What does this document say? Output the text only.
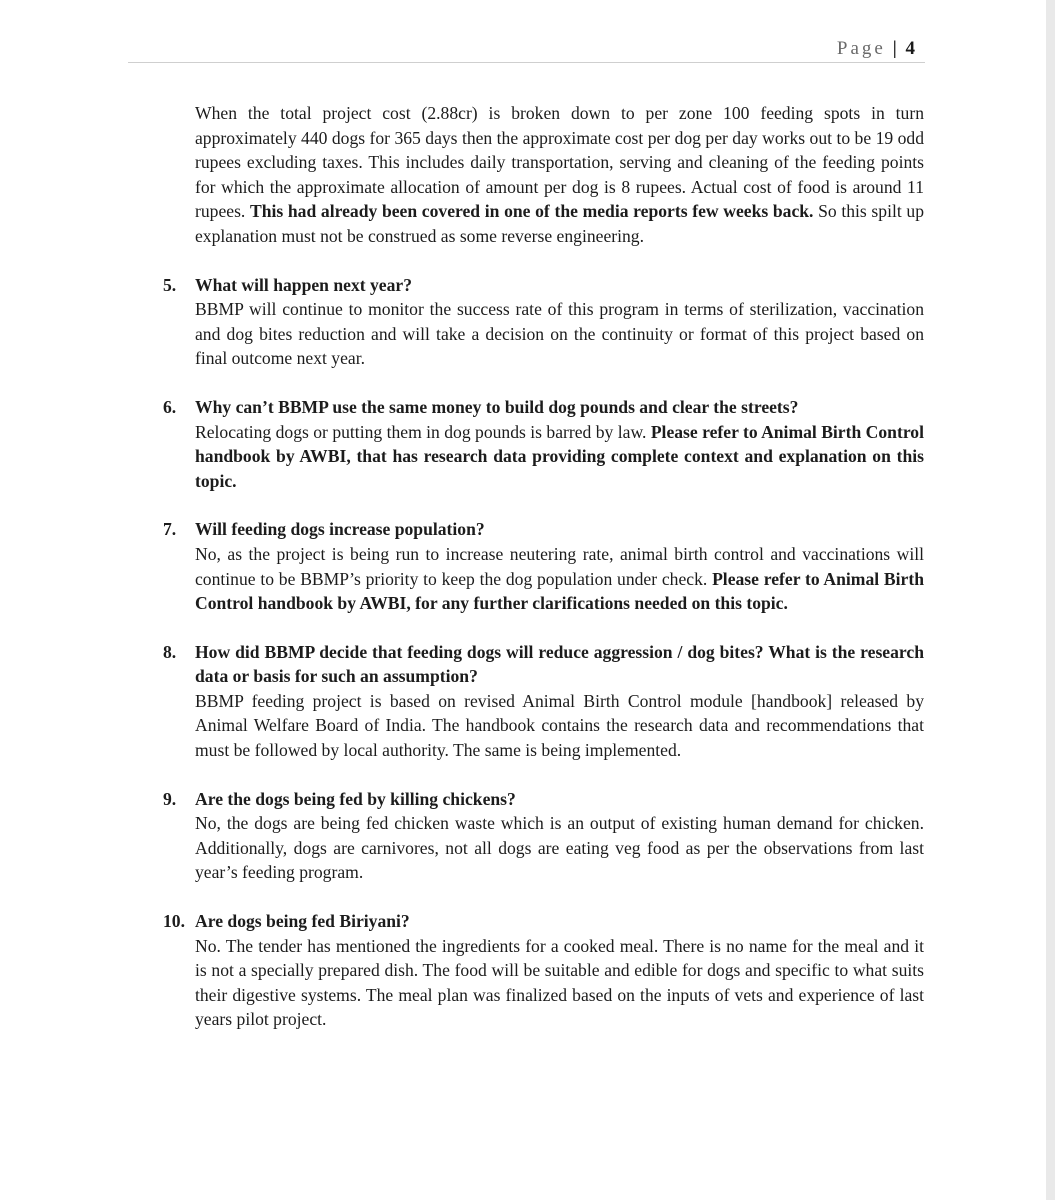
Page | 4

When the total project cost (2.88cr) is broken down to per zone 100 feeding spots in turn approximately 440 dogs for 365 days then the approximate cost per dog per day works out to be 19 odd rupees excluding taxes. This includes daily transportation, serving and cleaning of the feeding points for which the approximate allocation of amount per dog is 8 rupees. Actual cost of food is around 11 rupees. This had already been covered in one of the media reports few weeks back. So this spilt up explanation must not be construed as some reverse engineering.

5.	What will happen next year?

BBMP will continue to monitor the success rate of this program in terms of sterilization, vaccination and dog bites reduction and will take a decision on the continuity or format of this project based on final outcome next year.

6.	Why can’t BBMP use the same money to build dog pounds and clear the streets?

Relocating dogs or putting them in dog pounds is barred by law. Please refer to Animal Birth Control handbook by AWBI, that has research data providing complete context and explanation on this topic.

7.	Will feeding dogs increase population?

No, as the project is being run to increase neutering rate, animal birth control and vaccinations will continue to be BBMP’s priority to keep the dog population under check. Please refer to Animal Birth Control handbook by AWBI, for any further clarifications needed on this topic.

8.	How did BBMP decide that feeding dogs will reduce aggression / dog bites? What is the research data or basis for such an assumption?

BBMP feeding project is based on revised Animal Birth Control module [handbook] released by Animal Welfare Board of India. The handbook contains the research data and recommendations that must be followed by local authority. The same is being implemented.

9.	Are the dogs being fed by killing chickens?

No, the dogs are being fed chicken waste which is an output of existing human demand for chicken. Additionally, dogs are carnivores, not all dogs are eating veg food as per the observations from last year’s feeding program.

10. Are dogs being fed Biriyani?

No. The tender has mentioned the ingredients for a cooked meal. There is no name for the meal and it is not a specially prepared dish. The food will be suitable and edible for dogs and specific to what suits their digestive systems. The meal plan was finalized based on the inputs of vets and experience of last years pilot project.
